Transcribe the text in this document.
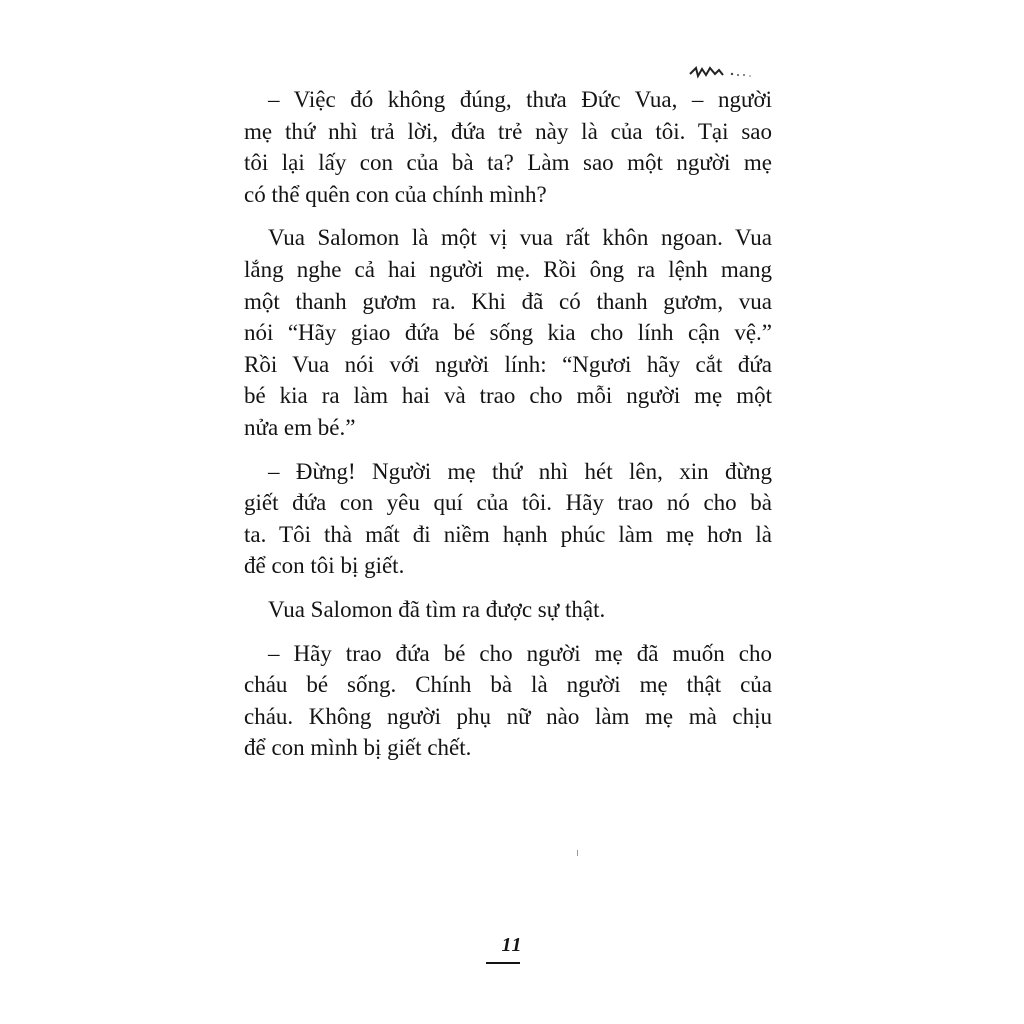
– Việc đó không đúng, thưa Đức Vua, – người
mẹ thứ nhì trả lời, đứa trẻ này là của tôi. Tại sao
tôi lại lấy con của bà ta? Làm sao một người mẹ
có thể quên con của chính mình?

Vua Salomon là một vị vua rất khôn ngoan. Vua
lắng nghe cả hai người mẹ. Rồi ông ra lệnh mang
một thanh gươm ra. Khi đã có thanh gươm, vua
nói “Hãy giao đứa bé sống kia cho lính cận vệ.”
Rồi Vua nói với người lính: “Ngươi hãy cắt đứa
bé kia ra làm hai và trao cho mỗi người mẹ một
nửa em bé.”

– Đừng! Người mẹ thứ nhì hét lên, xin đừng
giết đứa con yêu quí của tôi. Hãy trao nó cho bà
ta. Tôi thà mất đi niềm hạnh phúc làm mẹ hơn là
để con tôi bị giết.

Vua Salomon đã tìm ra được sự thật.

– Hãy trao đứa bé cho người mẹ đã muốn cho
cháu bé sống. Chính bà là người mẹ thật của
cháu. Không người phụ nữ nào làm mẹ mà chịu
để con mình bị giết chết.

11
